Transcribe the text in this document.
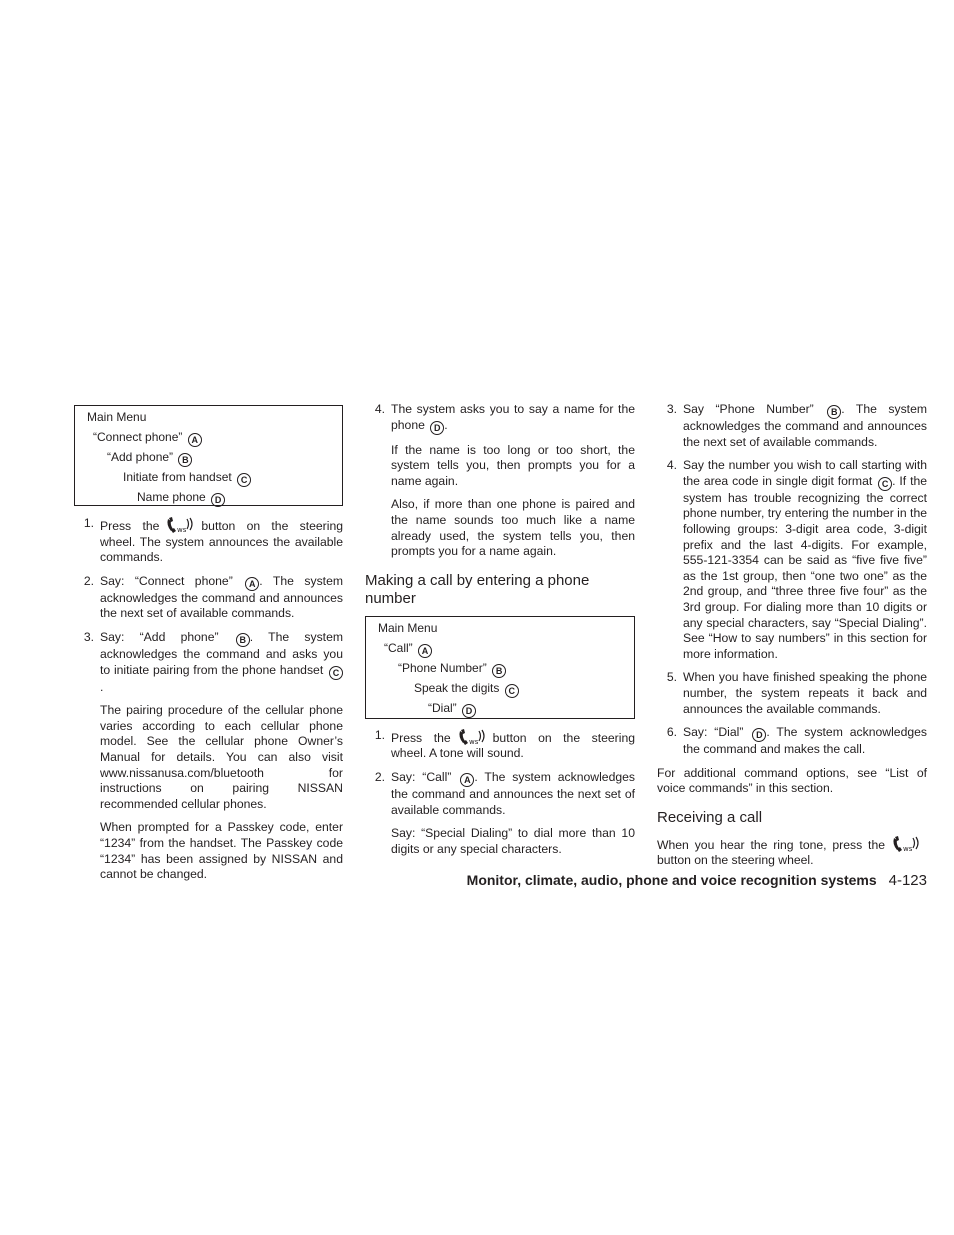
Main Menu
“Connect phone” A
“Add phone” B
Initiate from handset C
Name phone D
1. Press the	ws button on the steering wheel. The system announces the available commands.
2. Say: “Connect phone” A . The system acknowledges the command and announces the next set of available commands.
3. Say: “Add phone” B . The system acknowledges the command and asks you to initiate pairing from the phone handset C.
The pairing procedure of the cellular phone varies according to each cellular phone model. See the cellular phone Owner’s Manual for details. You can also visit www.nissanusa.com/bluetooth for instructions on pairing NISSAN recommended cellular phones.
When prompted for a Passkey code, enter “1234” from the handset. The Passkey code “1234” has been assigned by NISSAN and cannot be changed.
4. The system asks you to say a name for the phone D .
If the name is too long or too short, the system tells you, then prompts you for a name again.
Also, if more than one phone is paired and the name sounds too much like a name already used, the system tells you, then prompts you for a name again.
Making a call by entering a phone number
Main Menu
“Call” A
“Phone Number” B
Speak the digits C
“Dial” D
1. Press the	ws button on the steering wheel. A tone will sound.
2. Say: “Call” A . The system acknowledges the command and announces the next set of available commands.
Say: “Special Dialing” to dial more than 10 digits or any special characters.
3. Say “Phone Number” B . The system acknowledges the command and announces the next set of available commands.
4. Say the number you wish to call starting with the area code in single digit format C . If the system has trouble recognizing the correct phone number, try entering the number in the following groups: 3-digit area code, 3-digit prefix and the last 4-digits. For example, 555-121-3354 can be said as “five five five” as the 1st group, then “one two one” as the 2nd group, and “three three five four” as the 3rd group. For dialing more than 10 digits or any special characters, say “Special Dialing”. See “How to say numbers” in this section for more information.
5. When you have finished speaking the phone number, the system repeats it back and announces the available commands.
6. Say: “Dial” D . The system acknowledges the command and makes the call.
For additional command options, see “List of voice commands” in this section.
Receiving a call
When you hear the ring tone, press the	ws
button on the steering wheel.
Monitor, climate, audio, phone and voice recognition systems 4-123
